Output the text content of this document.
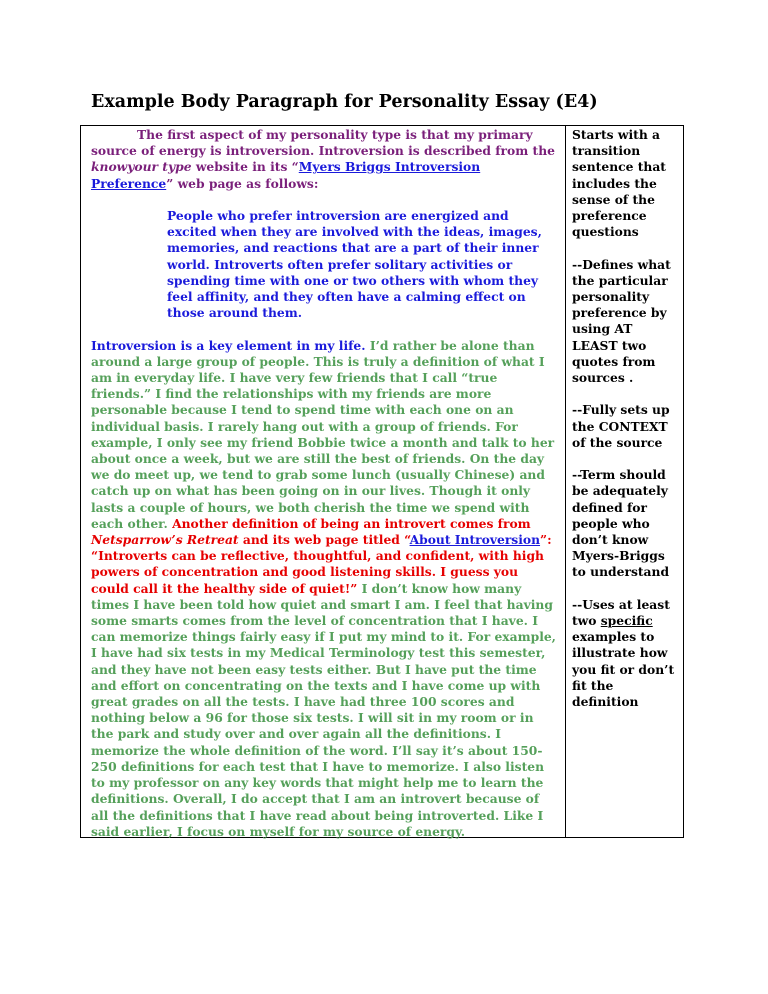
Example Body Paragraph for Personality Essay (E4)

The first aspect of my personality type is that my primary source of energy is introversion. Introversion is described from the knowyour type website in its “Myers Briggs Introversion Preference” web page as follows:

People who prefer introversion are energized and excited when they are involved with the ideas, images, memories, and reactions that are a part of their inner world. Introverts often prefer solitary activities or spending time with one or two others with whom they feel affinity, and they often have a calming effect on those around them.

Introversion is a key element in my life. I’d rather be alone than around a large group of people. This is truly a definition of what I am in everyday life. I have very few friends that I call “true friends.” I find the relationships with my friends are more personable because I tend to spend time with each one on an individual basis. I rarely hang out with a group of friends. For example, I only see my friend Bobbie twice a month and talk to her about once a week, but we are still the best of friends. On the day we do meet up, we tend to grab some lunch (usually Chinese) and catch up on what has been going on in our lives. Though it only lasts a couple of hours, we both cherish the time we spend with each other. Another definition of being an introvert comes from Netsparrow’s Retreat and its web page titled “About Introversion”: “Introverts can be reflective, thoughtful, and confident, with high powers of concentration and good listening skills. I guess you could call it the healthy side of quiet!” I don’t know how many times I have been told how quiet and smart I am. I feel that having some smarts comes from the level of concentration that I have. I can memorize things fairly easy if I put my mind to it. For example, I have had six tests in my Medical Terminology test this semester, and they have not been easy tests either. But I have put the time and effort on concentrating on the texts and I have come up with great grades on all the tests. I have had three 100 scores and nothing below a 96 for those six tests. I will sit in my room or in the park and study over and over again all the definitions. I memorize the whole definition of the word. I’ll say it’s about 150-250 definitions for each test that I have to memorize. I also listen to my professor on any key words that might help me to learn the definitions. Overall, I do accept that I am an introvert because of all the definitions that I have read about being introverted. Like I said earlier, I focus on myself for my source of energy.

Starts with a transition sentence that includes the sense of the preference questions

--Defines what the particular personality preference by using AT LEAST two quotes from sources .

--Fully sets up the CONTEXT of the source

--Term should be adequately defined for people who don’t know Myers-Briggs to understand

--Uses at least two specific examples to illustrate how you fit or don’t fit the definition
